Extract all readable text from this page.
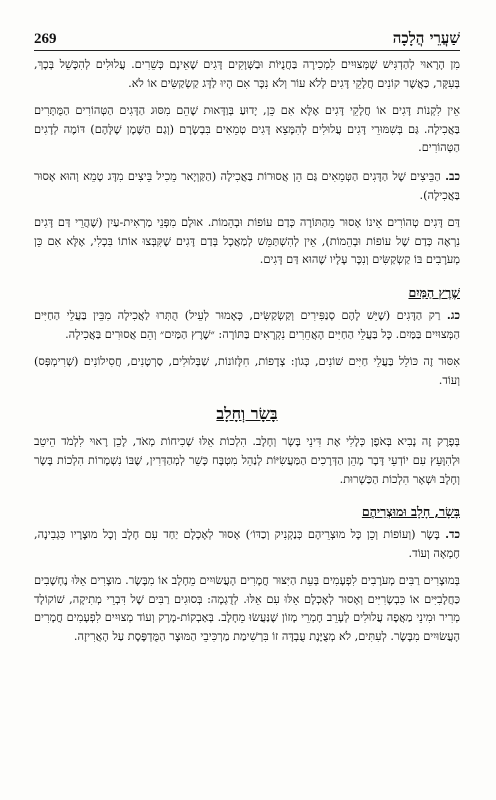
269	שַׁעֲרֵי הֲלָכָה

מִן הָרָאוּי לְהַדְגִּישׁ שֶׁמְּצוּיִים לִמְכִירָה בַּחֲנֻיּוֹת וּבַשְּׁוָקִים דָּגִים שֶׁאֵינָם כְּשֵׁרִים. עֲלוּלִים לְהִכָּשֵׁל בְּכָךְ, בְּעִקָּר, כַּאֲשֶׁר קוֹנִים חֲלָקֵי דָּגִים לְלֹא עוֹר וְלֹא נִכָּר אִם הָיוּ לַדָּג קַשְׂקַשִּׂים אוֹ לֹא.

אֵין לִקְנוֹת דָּגִים אוֹ חֲלָקֵי דָּגִים אֶלָּא אִם כֵּן, יָדוּעַ בְּוַדָּאוּת שֶׁהֵם מִסּוּג הַדָּגִים הַטְּהוֹרִים הַמֻּתָּרִים בַּאֲכִילָה. גַּם בְּשִׁמּוּרֵי דָּגִים עֲלוּלִים לְהִמָּצֵא דָּגִים טְמֵאִים בִּבְשָׂרָם (וְגַם הַשֶּׁמֶן שֶׁלָּהֶם) דּוֹמֶה לְדָגִים הַטְּהוֹרִים.

כב. הַבֵּיצִים שֶׁל הַדָּגִים הַטְּמֵאִים גַּם הֵן אֲסוּרוֹת בַּאֲכִילָה (הַקַּוְיָאר מֵכִיל בֵּיצִים מִדָּג טָמֵא וְהוּא אָסוּר בַּאֲכִילָה).

דַּם דָּגִים טְהוֹרִים אֵינוֹ אָסוּר מֵהַתּוֹרָה כְּדַם עוֹפוֹת וּבְהֵמוֹת. אוּלָם מִפְּנֵי מַרְאִית-עַיִן (שֶׁהֲרֵי דַּם דָּגִים נִרְאֶה כְּדַם שֶׁל עוֹפוֹת וּבְהֵמוֹת), אֵין לְהִשְׁתַּמֵּשׁ לְמַאֲכָל בְּדַם דָּגִים שֶׁקִּבְּצוּ אוֹתוֹ בִּכְלִי, אֶלָּא אִם כֵּן מְעֹרָבִים בּוֹ קַשְׂקַשִּׂים וְנִכָּר עָלָיו שֶׁהוּא דַּם דָּגִים.

שֶׁרֶץ הַמַּיִם

כג. רַק הַדָּגִים (שֶׁיֵּשׁ לָהֶם סְנַפִּירִים וְקַשְׂקַשִּׂים, כָּאָמוּר לְעֵיל) הֻתְּרוּ לַאֲכִילָה מִבֵּין בַּעֲלֵי הַחַיִּים הַמְּצוּיִים בַּמַּיִם. כָּל בַּעֲלֵי הַחַיִּים הָאֲחֵרִים נִקְרָאִים בַּתּוֹרָה: ״שֶׁרֶץ הַמַּיִם״ וְהֵם אֲסוּרִים בַּאֲכִילָה.

אִסּוּר זֶה כּוֹלֵל בַּעֲלֵי חַיִּים שׁוֹנִים, כְּגוֹן: צְדָפוֹת, חִלָּזוֹנוֹת, שַׁבְּלוּלִים, סַרְטָנִים, חֲסִילוֹנִים (שְׁרִימְפְּס) וְעוֹד.

בָּשָׂר וְחָלָב

בְּפֶרֶק זֶה נָבִיא בְּאֹפֶן כְּלָלִי אֶת דִּינֵי בָּשָׂר וְחָלָב. הִלְכוֹת אֵלּוּ שְׁכִיחוֹת מְאֹד, לָכֵן רָאוּי לִלְמֹד הֵיטֵב וּלְהִוָּעֵץ עִם יוֹדְעֵי דָּבָר מָהֵן הַדְּרָכִים הַמַּעֲשִׂיּוֹת לְנַהֵל מִטְבָּח כָּשֵׁר לְמְהַדְּרִין, שֶׁבּוֹ נִשְׁמָרוֹת הִלְכוֹת בָּשָׂר וְחָלָב וּשְׁאָר הִלְכוֹת הַכַּשְׁרוּת.

בָּשָׂר, חָלָב וּמוּצְרֵיהֶם

כד. בָּשָׂר (וְעוֹפוֹת וְכֵן כָּל מוּצְרֵיהֶם כְּנַקְנִיק וְכַדּוֹ׳) אָסוּר לְאָכְלָם יַחַד עִם חָלָב וְכָל מוּצָרָיו כִּגְבִינָה, חֶמְאָה וְעוֹד.

בְּמוּצָרִים רַבִּים מְעֹרָבִים לִפְעָמִים בְּעֵת הַיִּצּוּר חֳמָרִים הָעֲשׂוּיִים מֵחָלָב אוֹ מִבָּשָׂר. מוּצָרִים אֵלּוּ נֶחְשָׁבִים כַּחֲלָבִיִּים אוֹ כִּבְשָׂרִיִּים וְאָסוּר לְאָכְלָם אֵלּוּ עִם אֵלּוּ. לְדֻגְמָה: בְּסוּגִים רַבִּים שֶׁל דִּבְרֵי מְתִיקָה, שׁוֹקוֹלָד מְרִיר וּמִינֵי מַאֲפֶה עֲלוּלִים לְעָרֵב חָמְרֵי מָזוֹן שֶׁנַּעֲשׂוּ מֵחָלָב. בְּאַבְקוֹת-מָרָק וְעוֹד מְצוּיִים לִפְעָמִים חֳמָרִים הָעֲשׂוּיִים מִבָּשָׂר. לְעִתִּים, לֹא מְצֻיֶּנֶת עֻבְדָּה זוֹ בִּרְשִׁימַת מַרְכִּיבֵי הַמּוּצָר הַמֻּדְפֶּסֶת עַל הָאֲרִיזָה.
